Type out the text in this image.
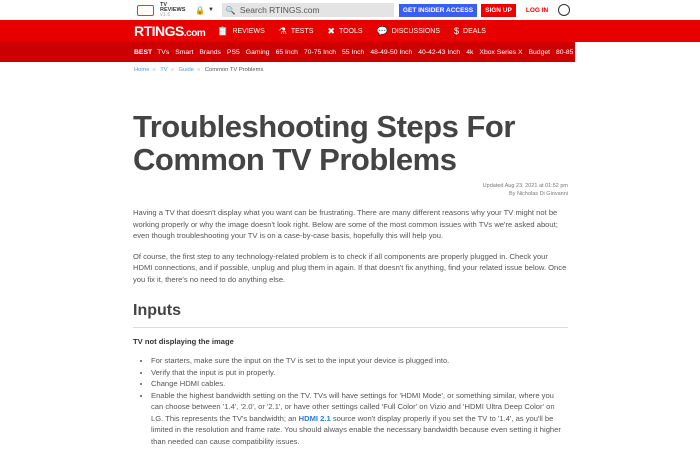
TV
REVIEWS v1.6	🔒 ▼ 🔍 Search RTINGS.com	GET INSIDER ACCESS	SIGN UP	LOG IN
RTINGS.com 📋 REVIEWS ⚗ TESTS ✖ TOOLS 💬 DISCUSSIONS $ DEALS
BEST TVs Smart Brands PS5 Gaming 65 Inch 70-75 Inch 55 Inch 48-49-50 Inch 40-42-43 Inch 4k Xbox Series X Budget 80-85 ›
Home » TV » Guide » Common TV Problems
Troubleshooting Steps For Common TV Problems
Updated Aug 23, 2021 at 01:52 pm
By Nicholas Di Giovanni

Having a TV that doesn't display what you want can be frustrating. There are many different reasons why your TV might not be working properly or why the image doesn't look right. Below are some of the most common issues with TVs we're asked about; even though troubleshooting your TV is on a case-by-case basis, hopefully this will help you.

Of course, the first step to any technology-related problem is to check if all components are properly plugged in. Check your HDMI connections, and if possible, unplug and plug them in again. If that doesn't fix anything, find your related issue below. Once you fix it, there's no need to do anything else.

Inputs
TV not displaying the image
• For starters, make sure the input on the TV is set to the input your device is plugged into.
• Verify that the input is put in properly.
• Change HDMI cables.
• Enable the highest bandwidth setting on the TV. TVs will have settings for 'HDMI Mode', or something similar, where you can choose between '1.4', '2.0', or '2.1', or have other settings called 'Full Color' on Vizio and 'HDMI Ultra Deep Color' on LG. This represents the TV's bandwidth; an HDMI 2.1 source won't display properly if you set the TV to '1.4', as you'll be limited in the resolution and frame rate. You should always enable the necessary bandwidth because even setting it higher than needed can cause compatibility issues.
